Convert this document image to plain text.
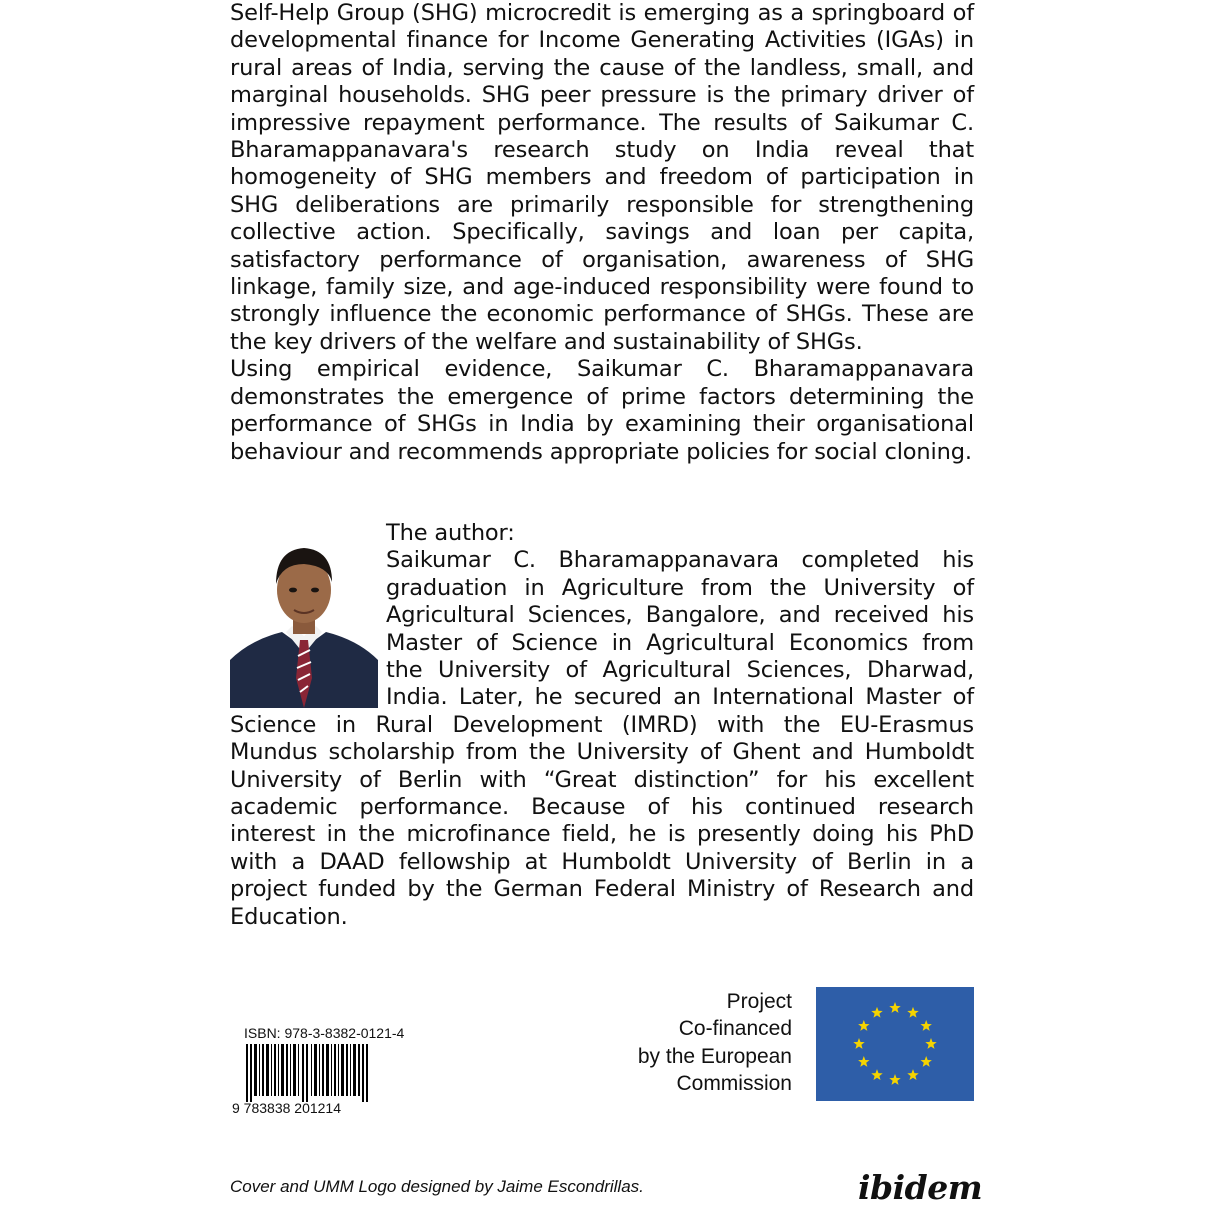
Self-Help Group (SHG) microcredit is emerging as a springboard of developmental finance for Income Generating Activities (IGAs) in rural areas of India, serving the cause of the landless, small, and marginal households. SHG peer pressure is the primary driver of impressive repayment performance. The results of Saikumar C. Bharamappanavara's research study on India reveal that homogeneity of SHG members and freedom of participation in SHG deliberations are primarily responsible for strengthening collective action. Specifically, savings and loan per capita, satisfactory performance of organisation, awareness of SHG linkage, family size, and age-induced responsibility were found to strongly influence the economic performance of SHGs. These are the key drivers of the welfare and sustainability of SHGs.

Using empirical evidence, Saikumar C. Bharamappanavara demonstrates the emergence of prime factors determining the performance of SHGs in India by examining their organisational behaviour and recommends appropriate policies for social cloning.

The author:

Saikumar C. Bharamappanavara completed his graduation in Agriculture from the University of Agricultural Sciences, Bangalore, and received his Master of Science in Agricultural Economics from the University of Agricultural Sciences, Dharwad, India. Later, he secured an International Master of Science in Rural Development (IMRD) with the EU-Erasmus Mundus scholarship from the University of Ghent and Humboldt University of Berlin with “Great distinction” for his excellent academic performance. Because of his continued research interest in the microfinance field, he is presently doing his PhD with a DAAD fellowship at Humboldt University of Berlin in a project funded by the German Federal Ministry of Research and Education.

ISBN: 978-3-8382-0121-4
9 783838 201214
Project
Co-financed
by the European
Commission
Cover and UMM Logo designed by Jaime Escondrillas.	ibidem
